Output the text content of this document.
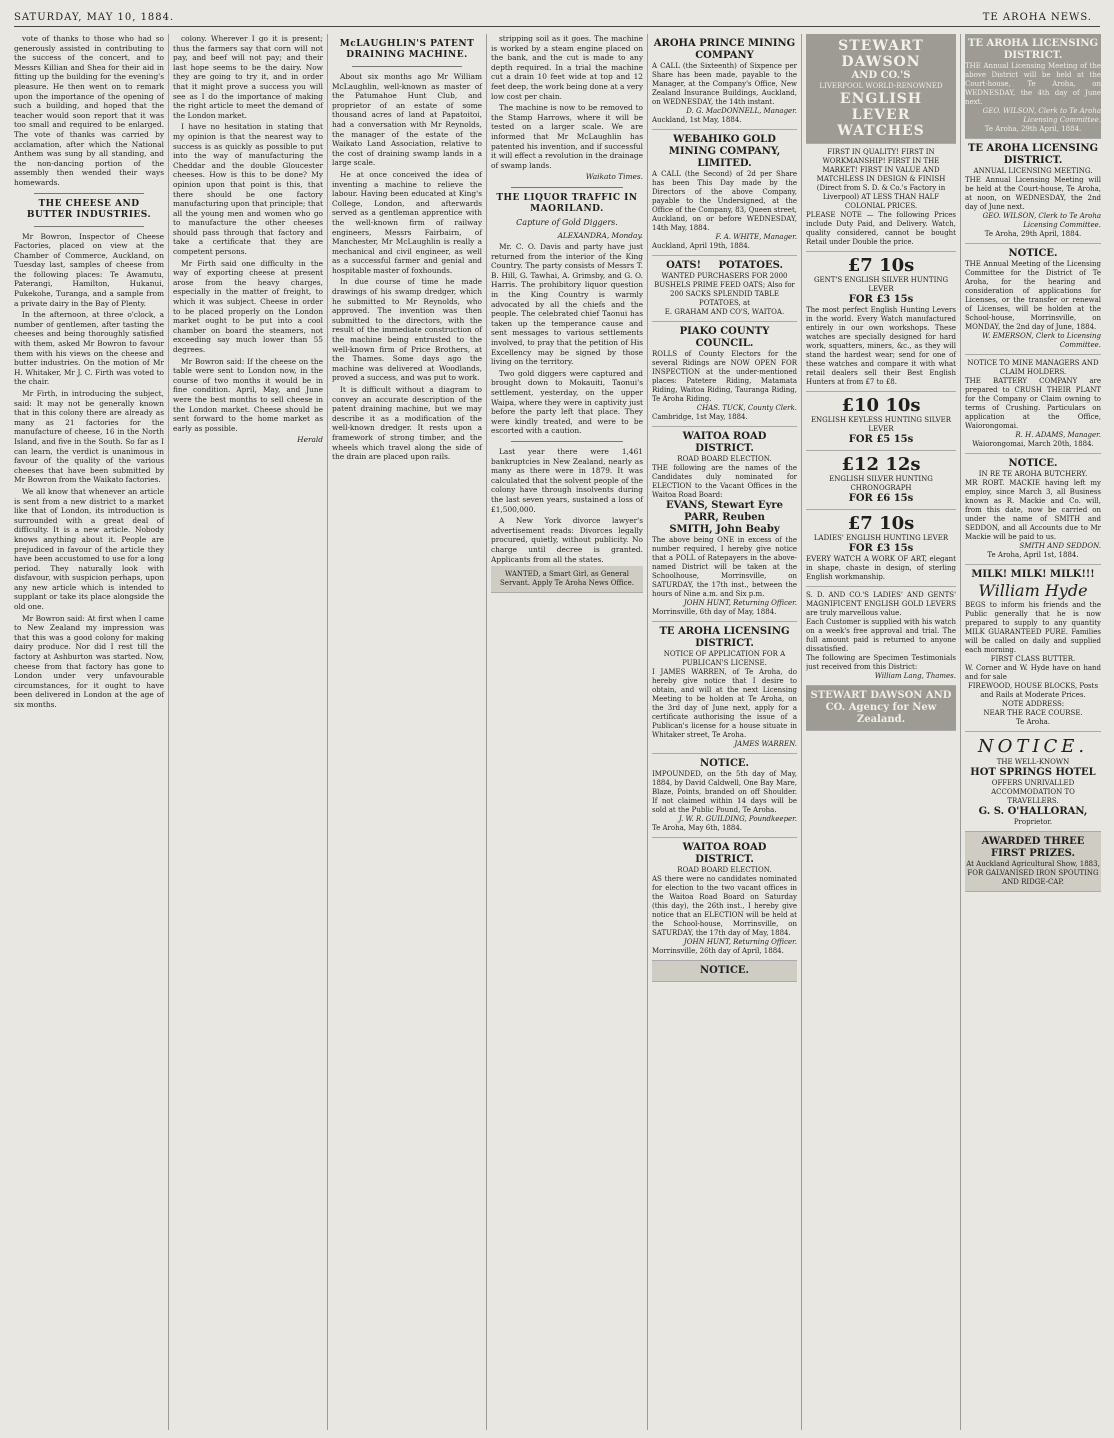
SATURDAY, MAY 10, 1884.	TE AROHA NEWS.

vote of thanks to those who had so generously assisted in contributing to the success of the concert, and to Messrs Killian and Shea for their aid in fitting up the building for the evening's pleasure. He then went on to remark upon the importance of the opening of such a building, and hoped that the teacher would soon report that it was too small and required to be enlarged. The vote of thanks was carried by acclamation, after which the National Anthem was sung by all standing, and the non-dancing portion of the assembly then wended their ways homewards.

THE CHEESE AND BUTTER INDUSTRIES.

Mr Bowron, Inspector of Cheese Factories, placed on view at the Chamber of Commerce, Auckland, on Tuesday last, samples of cheese from the following places: Te Awamutu, Paterangi, Hamilton, Hukanui, Pukekohe, Turanga, and a sample from a private dairy in the Bay of Plenty.

In the afternoon, at three o'clock, a number of gentlemen, after tasting the cheeses and being thoroughly satisfied with them, asked Mr Bowron to favour them with his views on the cheese and butter industries. On the motion of Mr H. Whitaker, Mr J. C. Firth was voted to the chair.

Mr Firth, in introducing the subject, said: It may not be generally known that in this colony there are already as many as 21 factories for the manufacture of cheese, 16 in the North Island, and five in the South. So far as I can learn, the verdict is unanimous in favour of the quality of the various cheeses that have been submitted by Mr Bowron from the Waikato factories.

We all know that whenever an article is sent from a new district to a market like that of London, its introduction is surrounded with a great deal of difficulty. It is a new article. Nobody knows anything about it. People are prejudiced in favour of the article they have been accustomed to use for a long period. They naturally look with disfavour, with suspicion perhaps, upon any new article which is intended to supplant or take its place alongside the old one.

Mr Bowron said: At first when I came to New Zealand my impression was that this was a good colony for making dairy produce. Nor did I rest till the factory at Ashburton was started. Now, cheese from that factory has gone to London under very unfavourable circumstances, for it ought to have been delivered in London at the age of six months.

colony. Wherever I go it is present; thus the farmers say that corn will not pay, and beef will not pay; and their last hope seems to be the dairy. Now they are going to try it, and in order that it might prove a success you will see as I do the importance of making the right article to meet the demand of the London market.

I have no hesitation in stating that my opinion is that the nearest way to success is as quickly as possible to put into the way of manufacturing the Cheddar and the double Gloucester cheeses. How is this to be done? My opinion upon that point is this, that there should be one factory manufacturing upon that principle; that all the young men and women who go to manufacture the other cheeses should pass through that factory and take a certificate that they are competent persons.

Mr Firth said one difficulty in the way of exporting cheese at present arose from the heavy charges, especially in the matter of freight, to which it was subject. Cheese in order to be placed properly on the London market ought to be put into a cool chamber on board the steamers, not exceeding say much lower than 55 degrees.

Mr Bowron said: If the cheese on the table were sent to London now, in the course of two months it would be in fine condition. April, May, and June were the best months to sell cheese in the London market. Cheese should be sent forward to the home market as early as possible.

Herald

McLAUGHLIN'S PATENT DRAINING MACHINE.

About six months ago Mr William McLaughlin, well-known as master of the Patumahoe Hunt Club, and proprietor of an estate of some thousand acres of land at Papatoitoi, had a conversation with Mr Reynolds, the manager of the estate of the Waikato Land Association, relative to the cost of draining swamp lands in a large scale.

He at once conceived the idea of inventing a machine to relieve the labour. Having been educated at King's College, London, and afterwards served as a gentleman apprentice with the well-known firm of railway engineers, Messrs Fairbairn, of Manchester, Mr McLaughlin is really a mechanical and civil engineer, as well as a successful farmer and genial and hospitable master of foxhounds.

In due course of time he made drawings of his swamp dredger, which he submitted to Mr Reynolds, who approved. The invention was then submitted to the directors, with the result of the immediate construction of the machine being entrusted to the well-known firm of Price Brothers, at the Thames. Some days ago the machine was delivered at Woodlands, proved a success, and was put to work.

It is difficult without a diagram to convey an accurate description of the patent draining machine, but we may describe it as a modification of the well-known dredger. It rests upon a framework of strong timber, and the wheels which travel along the side of the drain are placed upon rails.

stripping soil as it goes. The machine is worked by a steam engine placed on the bank, and the cut is made to any depth required. In a trial the machine cut a drain 10 feet wide at top and 12 feet deep, the work being done at a very low cost per chain.

The machine is now to be removed to the Stamp Harrows, where it will be tested on a larger scale. We are informed that Mr McLaughlin has patented his invention, and if successful it will effect a revolution in the drainage of swamp lands.

Waikato Times.

THE LIQUOR TRAFFIC IN MAORILAND.
Capture of Gold Diggers.

ALEXANDRA, Monday.

Mr. C. O. Davis and party have just returned from the interior of the King Country. The party consists of Messrs T. B. Hill, G. Tawhai, A. Grimsby, and G. O. Harris. The prohibitory liquor question in the King Country is warmly advocated by all the chiefs and the people. The celebrated chief Taonui has taken up the temperance cause and sent messages to various settlements involved, to pray that the petition of His Excellency may be signed by those living on the territory.

Two gold diggers were captured and brought down to Mokauiti, Taonui's settlement, yesterday, on the upper Waipa, where they were in captivity just before the party left that place. They were kindly treated, and were to be escorted with a caution.

Last year there were 1,461 bankruptcies in New Zealand, nearly as many as there were in 1879. It was calculated that the solvent people of the colony have through insolvents during the last seven years, sustained a loss of £1,500,000.

A New York divorce lawyer's advertisement reads: Divorces legally procured, quietly, without publicity. No charge until decree is granted. Applicants from all the states.

WANTED, a Smart Girl, as General Servant. Apply Te Aroha News Office.
AROHA PRINCE MINING COMPANY
A CALL (the Sixteenth) of Sixpence per Share has been made, payable to the Manager, at the Company's Office, New Zealand Insurance Buildings, Auckland, on WEDNESDAY, the 14th instant.
D. G. MacDONNELL, Manager.
Auckland, 1st May, 1884.
WEBAHIKO GOLD MINING COMPANY, LIMITED.
A CALL (the Second) of 2d per Share has been This Day made by the Directors of the above Company, payable to the Undersigned, at the Office of the Company, 83, Queen street, Auckland, on or before WEDNESDAY, 14th May, 1884.
F. A. WHITE, Manager.
Auckland, April 19th, 1884.
OATS! POTATOES.
WANTED PURCHASERS FOR 2000 BUSHELS PRIME FEED OATS; Also for 200 SACKS SPLENDID TABLE POTATOES, at
E. GRAHAM AND CO'S, WAITOA.
PIAKO COUNTY COUNCIL.
ROLLS of County Electors for the several Ridings are NOW OPEN FOR INSPECTION at the under-mentioned places: Patetere Riding, Matamata Riding, Waitoa Riding, Tauranga Riding, Te Aroha Riding.
CHAS. TUCK, County Clerk.
Cambridge, 1st May, 1884.
WAITOA ROAD DISTRICT.
ROAD BOARD ELECTION.
THE following are the names of the Candidates duly nominated for ELECTION to the Vacant Offices in the Waitoa Road Board:
EVANS, Stewart Eyre
PARR, Reuben
SMITH, John Beaby
The above being ONE in excess of the number required, I hereby give notice that a POLL of Ratepayers in the above-named District will be taken at the Schoolhouse, Morrinsville, on SATURDAY, the 17th inst., between the hours of Nine a.m. and Six p.m.
JOHN HUNT, Returning Officer.
Morrinsville, 6th day of May, 1884.
TE AROHA LICENSING DISTRICT.
NOTICE OF APPLICATION FOR A PUBLICAN'S LICENSE.
I JAMES WARREN, of Te Aroha, do hereby give notice that I desire to obtain, and will at the next Licensing Meeting to be holden at Te Aroha, on the 3rd day of June next, apply for a certificate authorising the issue of a Publican's license for a house situate in Whitaker street, Te Aroha.
JAMES WARREN.
NOTICE.
IMPOUNDED, on the 5th day of May, 1884, by David Caldwell, One Bay Mare, Blaze, Points, branded on off Shoulder. If not claimed within 14 days will be sold at the Public Pound, Te Aroha.
J. W. R. GUILDING, Poundkeeper.
Te Aroha, May 6th, 1884.
WAITOA ROAD DISTRICT.
ROAD BOARD ELECTION.
AS there were no candidates nominated for election to the two vacant offices in the Waitoa Road Board on Saturday (this day), the 26th inst., I hereby give notice that an ELECTION will be held at the School-house, Morrinsville, on SATURDAY, the 17th day of May, 1884.
JOHN HUNT, Returning Officer.
Morrinsville, 26th day of April, 1884.
NOTICE.
STEWART DAWSON
AND CO.'S
LIVERPOOL WORLD-RENOWNED
ENGLISH
LEVER WATCHES
FIRST IN QUALITY! FIRST IN WORKMANSHIP! FIRST IN THE MARKET! FIRST IN VALUE AND MATCHLESS IN DESIGN & FINISH (Direct from S. D. & Co.'s Factory in Liverpool) AT LESS THAN HALF COLONIAL PRICES.
PLEASE NOTE — The following Prices include Duty Paid, and Delivery. Watch, quality considered, cannot be bought Retail under Double the price.
£7 10s
GENT'S ENGLISH SILVER HUNTING LEVER
FOR £3 15s
The most perfect English Hunting Levers in the world. Every Watch manufactured entirely in our own workshops. These watches are specially designed for hard work, squatters, miners, &c., as they will stand the hardest wear; send for one of these watches and compare it with what retail dealers sell their Best English Hunters at from £7 to £8.
£10 10s
ENGLISH KEYLESS HUNTING SILVER LEVER
FOR £5 15s
£12 12s
ENGLISH SILVER HUNTING CHRONOGRAPH
FOR £6 15s
£7 10s
LADIES' ENGLISH HUNTING LEVER
FOR £3 15s
EVERY WATCH A WORK OF ART, elegant in shape, chaste in design, of sterling English workmanship.
S. D. AND CO.'S LADIES' AND GENTS' MAGNIFICENT ENGLISH GOLD LEVERS are truly marvellous value.
Each Customer is supplied with his watch on a week's free approval and trial. The full amount paid is returned to anyone dissatisfied.
The following are Specimen Testimonials just received from this District:
William Lang, Thames.
STEWART DAWSON AND CO. Agency for New Zealand.
TE AROHA LICENSING DISTRICT.
THE Annual Licensing Meeting of the above District will be held at the Court-house, Te Aroha, on WEDNESDAY, the 4th day of June next.
GEO. WILSON, Clerk to Te Aroha Licensing Committee.
Te Aroha, 29th April, 1884.
TE AROHA LICENSING DISTRICT.
ANNUAL LICENSING MEETING.
THE Annual Licensing Meeting will be held at the Court-house, Te Aroha, at noon, on WEDNESDAY, the 2nd day of June next.
GEO. WILSON, Clerk to Te Aroha Licensing Committee.
Te Aroha, 29th April, 1884.
NOTICE.
THE Annual Meeting of the Licensing Committee for the District of Te Aroha, for the hearing and consideration of applications for Licenses, or the transfer or renewal of Licenses, will be holden at the School-house, Morrinsville, on MONDAY, the 2nd day of June, 1884.
W. EMERSON, Clerk to Licensing Committee.
NOTICE TO MINE MANAGERS AND CLAIM HOLDERS.
THE BATTERY COMPANY are prepared to CRUSH THEIR PLANT for the Company or Claim owning to terms of Crushing. Particulars on application at the Office, Waiorongomai.
R. H. ADAMS, Manager.
Waiorongomai, March 20th, 1884.
NOTICE.
IN RE TE AROHA BUTCHERY.
MR ROBT. MACKIE having left my employ, since March 3, all Business known as R. Mackie and Co. will, from this date, now be carried on under the name of SMITH and SEDDON, and all Accounts due to Mr Mackie will be paid to us.
SMITH AND SEDDON.
Te Aroha, April 1st, 1884.
MILK! MILK! MILK!!!
William Hyde
BEGS to inform his friends and the Public generally that he is now prepared to supply to any quantity MILK GUARANTEED PURE. Families will be called on daily and supplied each morning.
FIRST CLASS BUTTER.
W. Corner and W. Hyde have on hand and for sale
FIREWOOD, HOUSE BLOCKS, Posts and Rails at Moderate Prices.
NOTE ADDRESS:
NEAR THE RACE COURSE.
Te Aroha.
NOTICE.
THE WELL-KNOWN
HOT SPRINGS HOTEL
OFFERS UNRIVALLED ACCOMMODATION TO TRAVELLERS.
G. S. O'HALLORAN,
Proprietor.
AWARDED THREE FIRST PRIZES.
At Auckland Agricultural Show, 1883,
FOR GALVANISED IRON SPOUTING AND RIDGE-CAP.
